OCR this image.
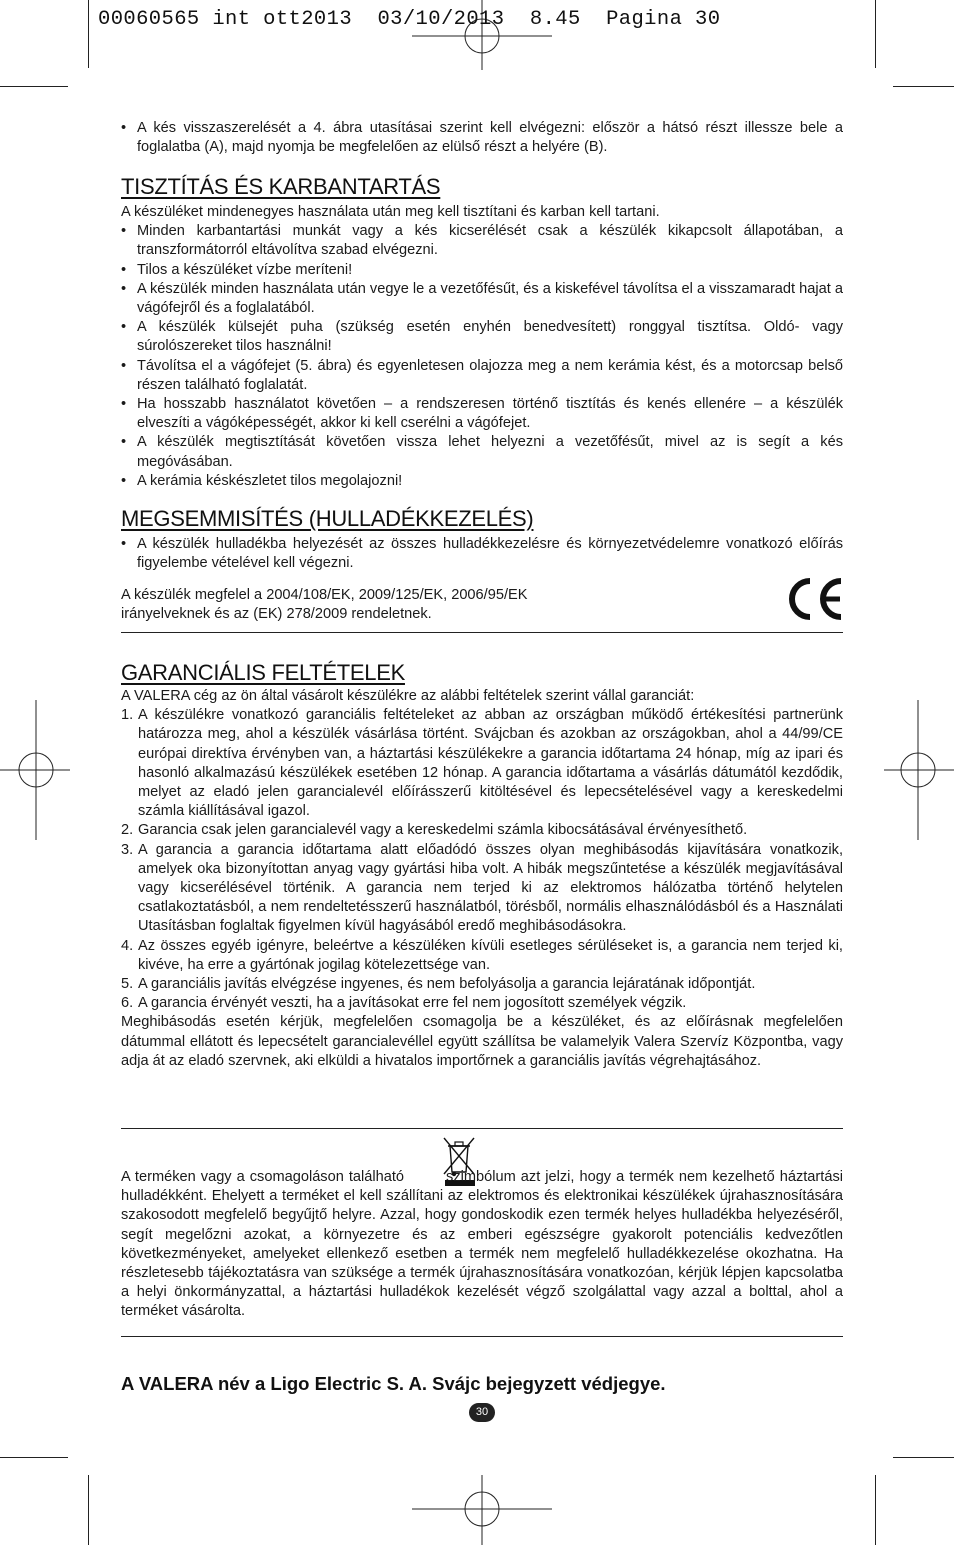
00060565 int ott2013  03/10/2013  8.45  Pagina 30
• A kés visszaszerelését a 4. ábra utasításai szerint kell elvégezni: először a hátsó részt illessze bele a foglalatba (A), majd nyomja be megfelelően az elülső részt a helyére (B).
TISZTÍTÁS ÉS KARBANTARTÁS

A készüléket mindenegyes használata után meg kell tisztítani és karban kell tartani.

• Minden karbantartási munkát vagy a kés kicserélését csak a készülék kikapcsolt állapotában, a transzformátorról eltávolítva szabad elvégezni.
• Tilos a készüléket vízbe meríteni!
• A készülék minden használata után vegye le a vezetőfésűt, és a kiskefével távolítsa el a visszamaradt hajat a vágófejről és a foglalatából.
• A készülék külsejét puha (szükség esetén enyhén benedvesített) ronggyal tisztítsa. Oldó- vagy súrolószereket tilos használni!
• Távolítsa el a vágófejet (5. ábra) és egyenletesen olajozza meg a nem kerámia kést, és a motorcsap belső részen található foglalatát.
• Ha hosszabb használatot követően – a rendszeresen történő tisztítás és kenés ellenére – a készülék elveszíti a vágóképességét, akkor ki kell cserélni a vágófejet.
• A készülék megtisztítását követően vissza lehet helyezni a vezetőfésűt, mivel az is segít a kés megóvásában.
• A kerámia késkészletet tilos megolajozni!
MEGSEMMISÍTÉS (HULLADÉKKEZELÉS)
• A készülék hulladékba helyezését az összes hulladékkezelésre és környezetvédelemre vonatkozó előírás figyelembe vételével kell végezni.
A készülék megfelel a 2004/108/EK, 2009/125/EK, 2006/95/EK
irányelveknek és az (EK) 278/2009 rendeletnek.
GARANCIÁLIS FELTÉTELEK

A VALERA cég az ön által vásárolt készülékre az alábbi feltételek szerint vállal garanciát:

1. A készülékre vonatkozó garanciális feltételeket az abban az országban működő értékesítési partnerünk határozza meg, ahol a készülék vásárlása történt. Svájcban és azokban az országokban, ahol a 44/99/CE európai direktíva érvényben van, a háztartási készülékekre a garancia időtartama 24 hónap, míg az ipari és hasonló alkalmazású készülékek esetében 12 hónap. A garancia időtartama a vásárlás dátumától kezdődik, melyet az eladó jelen garancialevél előírásszerű kitöltésével és lepecsételésével vagy a kereskedelmi számla kiállításával igazol.
2. Garancia csak jelen garancialevél vagy a kereskedelmi számla kibocsátásával érvényesíthető.
3. A garancia a garancia időtartama alatt előadódó összes olyan meghibásodás kijavítására vonatkozik, amelyek oka bizonyítottan anyag vagy gyártási hiba volt. A hibák megszűntetése a készülék megjavításával vagy kicserélésével történik. A garancia nem terjed ki az elektromos hálózatba történő helytelen csatlakoztatásból, a nem rendeltetésszerű használatból, törésből, normális elhasználódásból és a Használati Utasításban foglaltak figyelmen kívül hagyásából eredő meghibásodásokra.
4. Az összes egyéb igényre, beleértve a készüléken kívüli esetleges sérüléseket is, a garancia nem terjed ki, kivéve, ha erre a gyártónak jogilag kötelezettsége van.
5. A garanciális javítás elvégzése ingyenes, és nem befolyásolja a garancia lejáratának időpontját.
6. A garancia érvényét veszti, ha a javításokat erre fel nem jogosított személyek végzik.

Meghibásodás esetén kérjük, megfelelően csomagolja be a készüléket, és az előírásnak megfelelően dátummal ellátott és lepecsételt garancialevéllel együtt szállítsa be valamelyik Valera Szervíz Központba, vagy adja át az eladó szervnek, aki elküldi a hivatalos importőrnek a garanciális javítás végrehajtásához.

A terméken vagy a csomagoláson található	szimbólum azt jelzi, hogy a termék nem kezelhető háztartási hulladékként. Ehelyett a terméket el kell szállítani az elektromos és elektronikai készülékek újrahasznosítására szakosodott megfelelő begyűjtő helyre. Azzal, hogy gondoskodik ezen termék helyes hulladékba helyezéséről, segít megelőzni azokat, a környezetre és az emberi egészségre gyakorolt potenciális kedvezőtlen következményeket, amelyeket ellenkező esetben a termék nem megfelelő hulladékkezelése okozhatna. Ha részletesebb tájékoztatásra van szüksége a termék újrahasznosítására vonatkozóan, kérjük lépjen kapcsolatba a helyi önkormányzattal, a háztartási hulladékok kezelését végző szolgálattal vagy azzal a bolttal, ahol a terméket vásárolta.

A VALERA név a Ligo Electric S. A. Svájc bejegyzett védjegye.
30
